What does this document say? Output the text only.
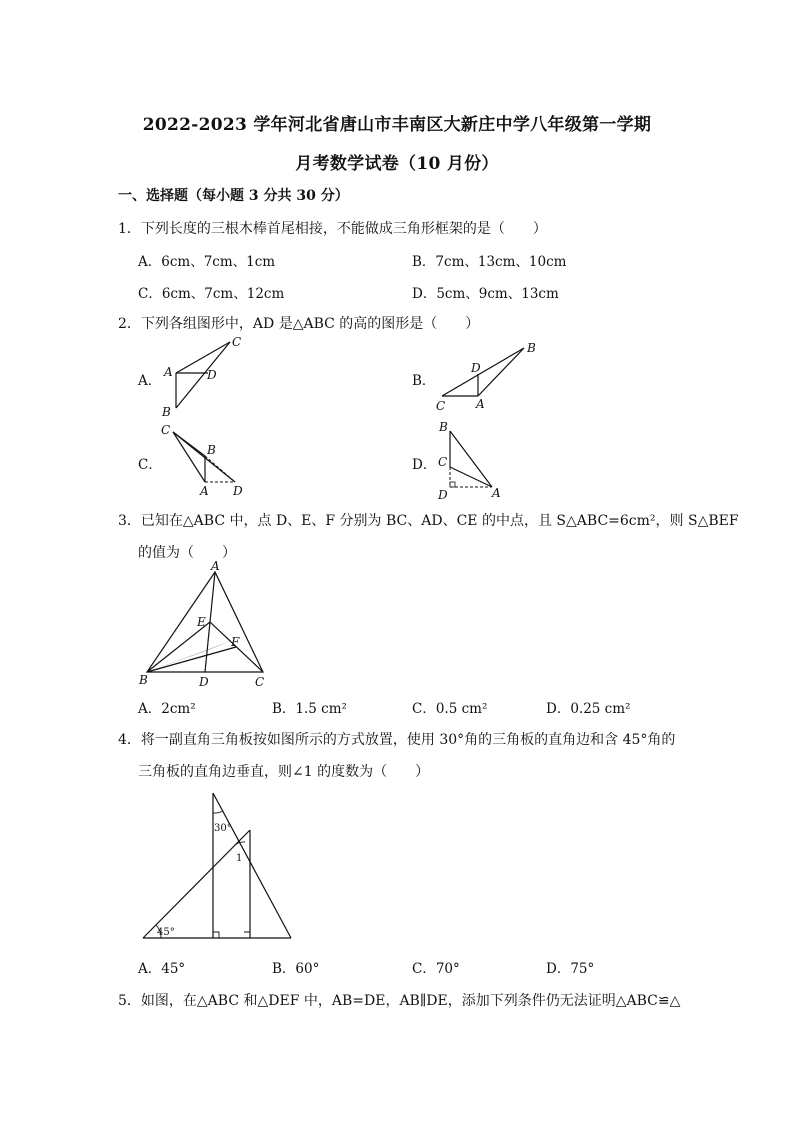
2022-2023 学年河北省唐山市丰南区大新庄中学八年级第一学期
月考数学试卷（10 月份）
一、选择题（每小题 3 分共 30 分）
1．下列长度的三根木棒首尾相接，不能做成三角形框架的是（　　）
A．6cm、7cm、1cm	B．7cm、13cm、10cm
C．6cm、7cm、12cm	D．5cm、9cm、13cm
2．下列各组图形中，AD 是△ABC 的高的图形是（　　）
A．	B．
C．	D．
C
A	D
B
B
D
C	A
C
B
A D
B
C
D	A
3．已知在△ABC 中，点 D、E、F 分别为 BC、AD、CE 的中点，且 S△ABC=6cm²，则 S△BEF
的值为（　　）
A
E
F
B	D	C
A．2cm²	B．1.5 cm²	C．0.5 cm²	D．0.25 cm²
4．将一副直角三角板按如图所示的方式放置，使用 30°角的三角板的直角边和含 45°角的
三角板的直角边垂直，则∠1 的度数为（　　）
30°
1
45°
A．45°	B．60°	C．70°	D．75°
5．如图，在△ABC 和△DEF 中，AB=DE，AB∥DE，添加下列条件仍无法证明△ABC≌△
